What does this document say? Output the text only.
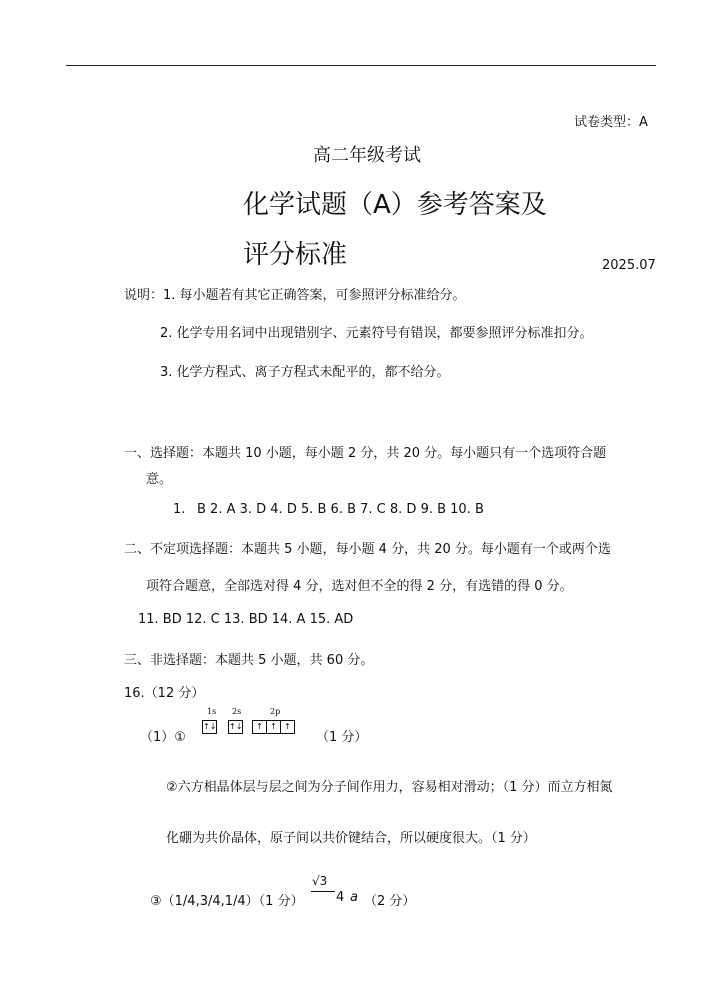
试卷类型：A
高二年级考试
化学试题（A）参考答案及
评分标准	2025.07
说明：1. 每小题若有其它正确答案，可参照评分标准给分。
2. 化学专用名词中出现错别字、元素符号有错误，都要参照评分标准扣分。
3. 化学方程式、离子方程式未配平的，都不给分。
一、选择题：本题共 10 小题，每小题 2 分，共 20 分。每小题只有一个选项符合题
意。
1. B 2. A 3. D 4. D 5. B 6. B 7. C 8. D 9. B 10. B
二、不定项选择题：本题共 5 小题，每小题 4 分，共 20 分。每小题有一个或两个选
项符合题意，全部选对得 4 分，选对但不全的得 2 分，有选错的得 0 分。
11. BD 12. C 13. BD 14. A 15. AD
三、非选择题：本题共 5 小题，共 60 分。
16.（12 分）
（1）①
1s 2s	2p
↑↓ ↑↓	↑ ↑ ↑
（1 分）
②六方相晶体层与层之间为分子间作用力，容易相对滑动；（1 分）而立方相氮
化硼为共价晶体，原子间以共价键结合，所以硬度很大。（1 分）
③（1/4,3/4,1/4）（1 分）
√3
4 a （2 分）
